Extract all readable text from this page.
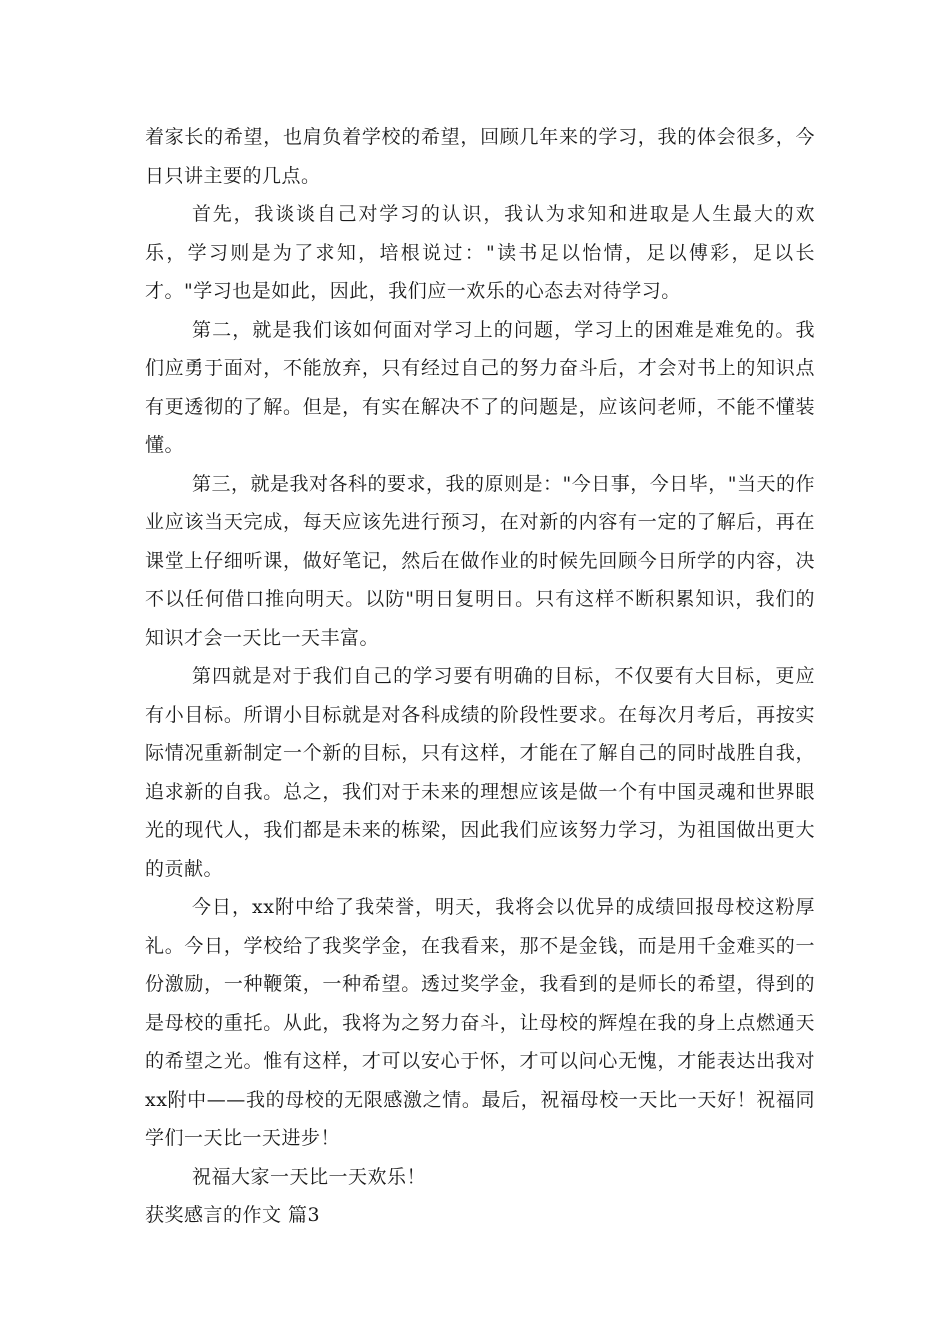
着家长的希望，也肩负着学校的希望，回顾几年来的学习，我的体会很多，今日只讲主要的几点。

首先，我谈谈自己对学习的认识，我认为求知和进取是人生最大的欢乐，学习则是为了求知，培根说过："读书足以怡情，足以傅彩，足以长才。"学习也是如此，因此，我们应一欢乐的心态去对待学习。

第二，就是我们该如何面对学习上的问题，学习上的困难是难免的。我们应勇于面对，不能放弃，只有经过自己的努力奋斗后，才会对书上的知识点有更透彻的了解。但是，有实在解决不了的问题是，应该问老师，不能不懂装懂。

第三，就是我对各科的要求，我的原则是："今日事，今日毕，"当天的作业应该当天完成，每天应该先进行预习，在对新的内容有一定的了解后，再在课堂上仔细听课，做好笔记，然后在做作业的时候先回顾今日所学的内容，决不以任何借口推向明天。以防"明日复明日。只有这样不断积累知识，我们的知识才会一天比一天丰富。

第四就是对于我们自己的学习要有明确的目标，不仅要有大目标，更应有小目标。所谓小目标就是对各科成绩的阶段性要求。在每次月考后，再按实际情况重新制定一个新的目标，只有这样，才能在了解自己的同时战胜自我，追求新的自我。总之，我们对于未来的理想应该是做一个有中国灵魂和世界眼光的现代人，我们都是未来的栋梁，因此我们应该努力学习，为祖国做出更大的贡献。

今日，xx附中给了我荣誉，明天，我将会以优异的成绩回报母校这粉厚礼。今日，学校给了我奖学金，在我看来，那不是金钱，而是用千金难买的一份激励，一种鞭策，一种希望。透过奖学金，我看到的是师长的希望，得到的是母校的重托。从此，我将为之努力奋斗，让母校的辉煌在我的身上点燃通天的希望之光。惟有这样，才可以安心于怀，才可以问心无愧，才能表达出我对xx附中——我的母校的无限感激之情。最后，祝福母校一天比一天好！祝福同学们一天比一天进步！

祝福大家一天比一天欢乐！

获奖感言的作文 篇3
